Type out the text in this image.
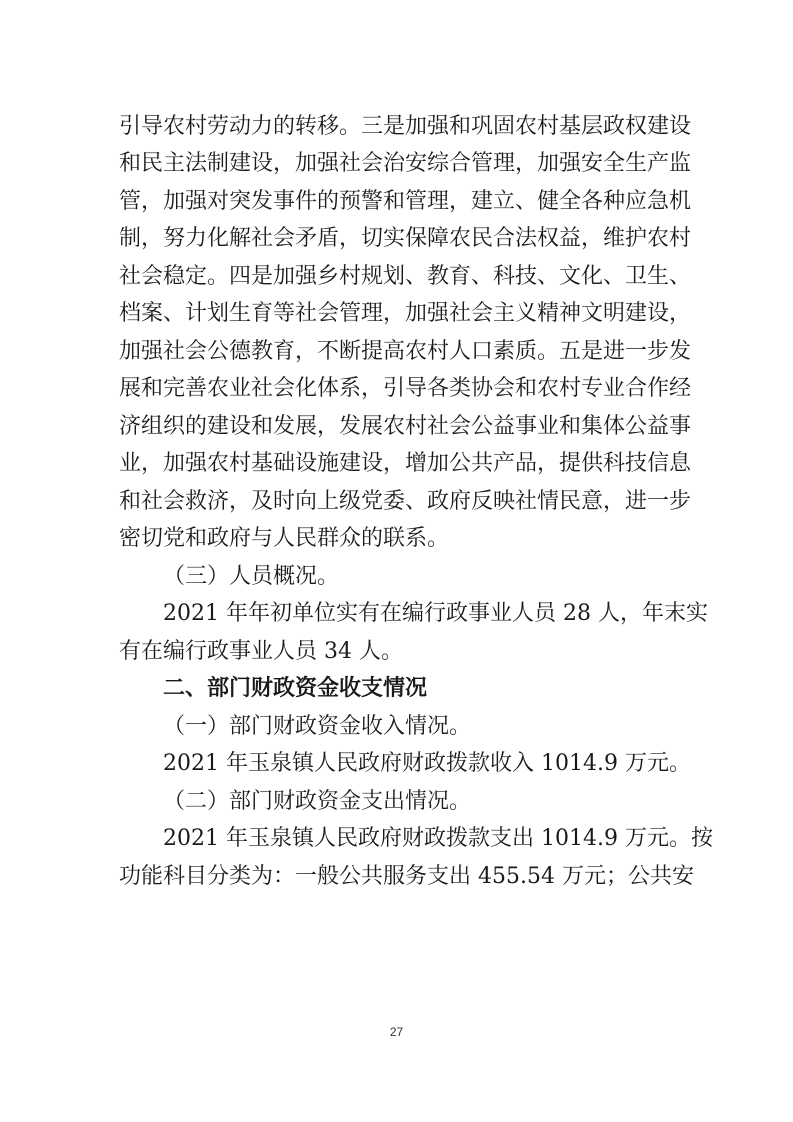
引导农村劳动力的转移。三是加强和巩固农村基层政权建设
和民主法制建设，加强社会治安综合管理，加强安全生产监
管，加强对突发事件的预警和管理，建立、健全各种应急机
制，努力化解社会矛盾，切实保障农民合法权益，维护农村
社会稳定。四是加强乡村规划、教育、科技、文化、卫生、
档案、计划生育等社会管理，加强社会主义精神文明建设，
加强社会公德教育，不断提高农村人口素质。五是进一步发
展和完善农业社会化体系，引导各类协会和农村专业合作经
济组织的建设和发展，发展农村社会公益事业和集体公益事
业，加强农村基础设施建设，增加公共产品，提供科技信息
和社会救济，及时向上级党委、政府反映社情民意，进一步
密切党和政府与人民群众的联系。
（三）人员概况。
2021 年年初单位实有在编行政事业人员 28 人，年末实
有在编行政事业人员 34 人。
二、部门财政资金收支情况
（一）部门财政资金收入情况。
2021 年玉泉镇人民政府财政拨款收入 1014.9 万元。
（二）部门财政资金支出情况。
2021 年玉泉镇人民政府财政拨款支出 1014.9 万元。按
功能科目分类为：一般公共服务支出 455.54 万元；公共安
27
